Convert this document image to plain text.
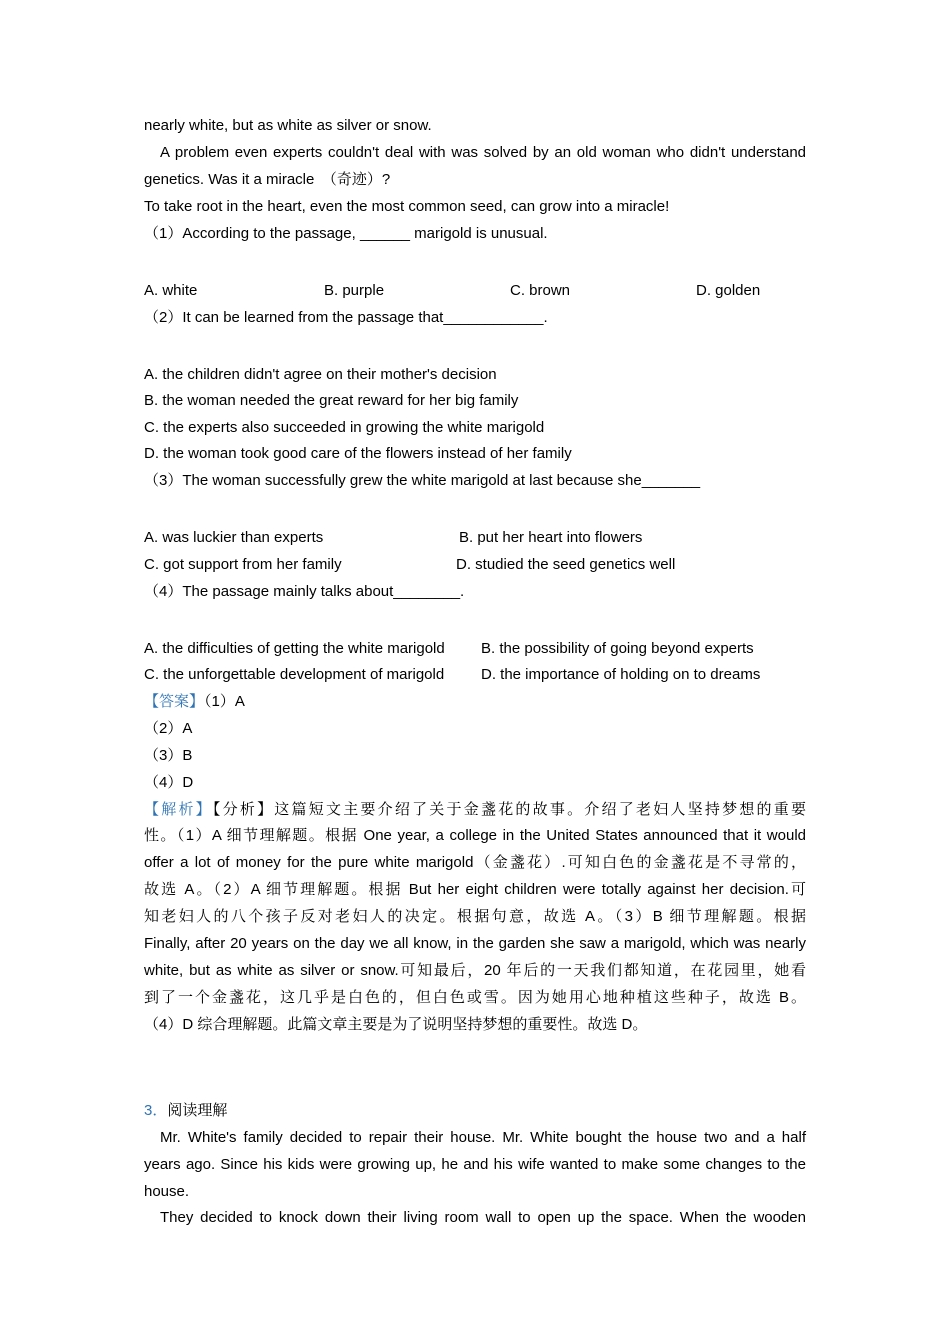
nearly white, but as white as silver or snow.
A problem even experts couldn't deal with was solved by an old woman who didn't understand
genetics. Was it a miracle　（奇迹）?
To take root in the heart, even the most common seed, can grow into a miracle!
（1）According to the passage, ______ marigold is unusual.
A. white	B. purple	C. brown	D. golden
（2）It can be learned from the passage that____________.
A. the children didn't agree on their mother's decision
B. the woman needed the great reward for her big family
C. the experts also succeeded in growing the white marigold
D. the woman took good care of the flowers instead of her family
（3）The woman successfully grew the white marigold at last because she_______
A. was luckier than experts	B. put her heart into flowers
C. got support from her family	D. studied the seed genetics well
（4）The passage mainly talks about________.
A. the difficulties of getting the white marigold B. the possibility of going beyond experts
C. the unforgettable development of marigold D. the importance of holding on to dreams
【答案】（1）A
（2）A
（3）B
（4）D
【解析】【分析】这篇短文主要介绍了关于金盞花的故事。介绍了老妇人坚持梦想的重要
性。（1）A 细节理解题。根据 One year, a college in the United States announced that it would
offer a lot of money for the pure white marigold（金盞花）.可知白色的金盞花是不寻常的，
故选 A。（2）A 细节理解题。根据 But her eight children were totally against her decision.可
知老妇人的八个孩子反对老妇人的决定。根据句意，故选 A。（3）B 细节理解题。根据
Finally, after 20 years on the day we all know, in the garden she saw a marigold, which was nearly
white, but as white as silver or snow.可知最后，20 年后的一天我们都知道，在花园里，她看
到了一个金盞花，这几乎是白色的，但白色或雪。因为她用心地种植这些种子，故选 B。
（4）D 综合理解题。此篇文章主要是为了说明坚持梦想的重要性。故选 D。
3．阅读理解
Mr. White's family decided to repair their house. Mr. White bought the house two and a half
years ago. Since his kids were growing up, he and his wife wanted to make some changes to the
house.
They decided to knock down their living room wall to open up the space. When the wooden
